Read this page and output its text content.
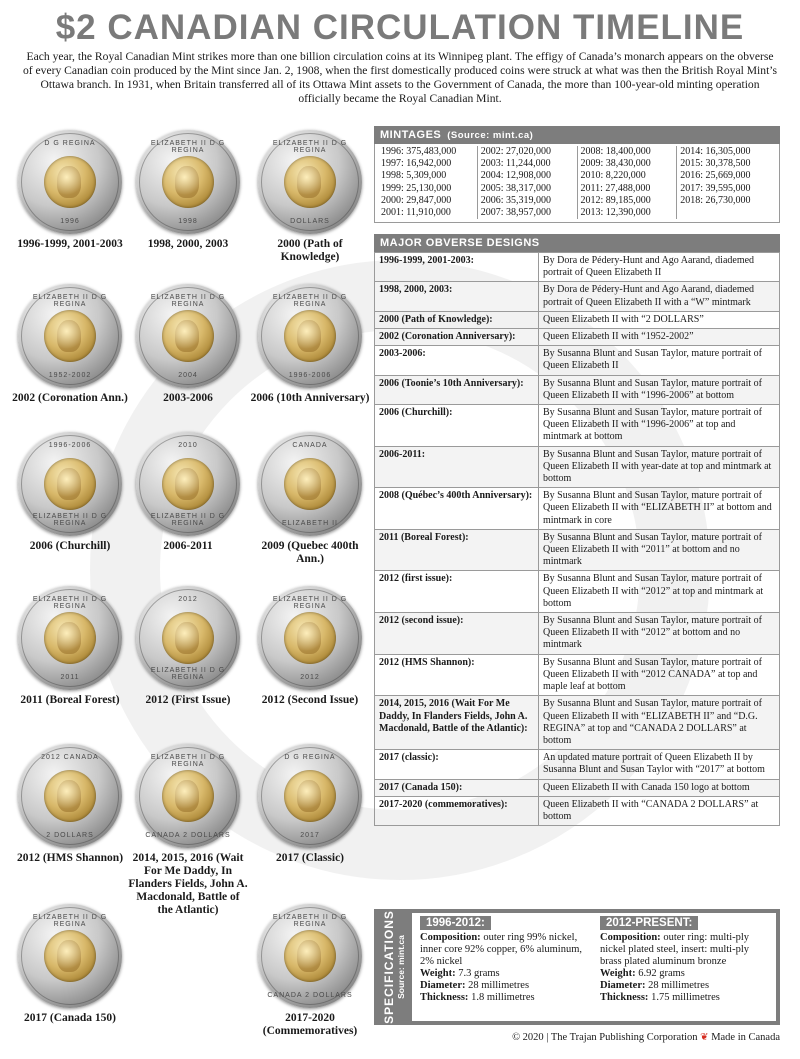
$2 CANADIAN CIRCULATION TIMELINE
Each year, the Royal Canadian Mint strikes more than one billion circulation coins at its Winnipeg plant. The effigy of Canada’s monarch appears on the obverse of every Canadian coin produced by the Mint since Jan. 2, 1908, when the first domestically produced coins were struck at what was then the British Royal Mint’s Ottawa branch. In 1931, when Britain transferred all of its Ottawa Mint assets to the Government of Canada, the more than 100-year-old minting operation officially became the Royal Canadian Mint.
D G REGINA
1996
1996-1999, 2001-2003
ELIZABETH II D G REGINA
1998
1998, 2000, 2003
ELIZABETH II D G REGINA
DOLLARS
2000 (Path of Knowledge)
ELIZABETH II D G REGINA
1952-2002
2002 (Coronation Ann.)
ELIZABETH II D G REGINA
2004
2003-2006
ELIZABETH II D G REGINA
1996-2006
2006 (10th Anniversary)
1996-2006
ELIZABETH II D G REGINA
2006 (Churchill)
2010
ELIZABETH II D G REGINA
2006-2011
CANADA
ELIZABETH II
2009 (Quebec 400th Ann.)
ELIZABETH II D G REGINA
2011
2011 (Boreal Forest)
2012
ELIZABETH II D G REGINA
2012 (First Issue)
ELIZABETH II D G REGINA
2012
2012 (Second Issue)
2012 CANADA
2 DOLLARS
2012 (HMS Shannon)
ELIZABETH II D G REGINA
CANADA 2 DOLLARS
2014, 2015, 2016 (Wait For Me Daddy, In Flanders Fields, John A. Macdonald, Battle of the Atlantic)
D G REGINA
2017
2017 (Classic)
ELIZABETH II D G REGINA
2017 (Canada 150)
ELIZABETH II D G REGINA
CANADA 2 DOLLARS
2017-2020 (Commemoratives)
MINTAGES (Source: mint.ca)
1996: 375,483,000
1997: 16,942,000
1998: 5,309,000
1999: 25,130,000
2000: 29,847,000
2001: 11,910,000
2002: 27,020,000
2003: 11,244,000
2004: 12,908,000
2005: 38,317,000
2006: 35,319,000
2007: 38,957,000
2008: 18,400,000
2009: 38,430,000
2010: 8,220,000
2011: 27,488,000
2012: 89,185,000
2013: 12,390,000
2014: 16,305,000
2015: 30,378,500
2016: 25,669,000
2017: 39,595,000
2018: 26,730,000
MAJOR OBVERSE DESIGNS
1996-1999, 2001-2003:	By Dora de Pédery-Hunt and Ago Aarand, diademed portrait of Queen Elizabeth II
1998, 2000, 2003:	By Dora de Pédery-Hunt and Ago Aarand, diademed portrait of Queen Elizabeth II with a “W” mintmark
2000 (Path of Knowledge):	Queen Elizabeth II with “2 DOLLARS”
2002 (Coronation Anniversary):	Queen Elizabeth II with “1952-2002”
2003-2006:	By Susanna Blunt and Susan Taylor, mature portrait of Queen Elizabeth II
2006 (Toonie’s 10th Anniversary):	By Susanna Blunt and Susan Taylor, mature portrait of Queen Elizabeth II with “1996-2006” at bottom
2006 (Churchill):	By Susanna Blunt and Susan Taylor, mature portrait of Queen Elizabeth II with “1996-2006” at top and mintmark at bottom
2006-2011:	By Susanna Blunt and Susan Taylor, mature portrait of Queen Elizabeth II with year-date at top and mintmark at bottom
2008 (Québec’s 400th Anniversary):	By Susanna Blunt and Susan Taylor, mature portrait of Queen Elizabeth II with “ELIZABETH II” at bottom and mintmark in core
2011 (Boreal Forest):	By Susanna Blunt and Susan Taylor, mature portrait of Queen Elizabeth II with “2011” at bottom and no mintmark
2012 (first issue):	By Susanna Blunt and Susan Taylor, mature portrait of Queen Elizabeth II with “2012” at top and mintmark at bottom
2012 (second issue):	By Susanna Blunt and Susan Taylor, mature portrait of Queen Elizabeth II with “2012” at bottom and no mintmark
2012 (HMS Shannon):	By Susanna Blunt and Susan Taylor, mature portrait of Queen Elizabeth II with “2012 CANADA” at top and maple leaf at bottom
2014, 2015, 2016 (Wait For Me Daddy, In Flanders Fields, John A. Macdonald, Battle of the Atlantic):	By Susanna Blunt and Susan Taylor, mature portrait of Queen Elizabeth II with “ELIZABETH II” and “D.G. REGINA” at top and “CANADA 2 DOLLARS” at bottom
2017 (classic):	An updated mature portrait of Queen Elizabeth II by Susanna Blunt and Susan Taylor with “2017” at bottom
2017 (Canada 150):	Queen Elizabeth II with Canada 150 logo at bottom
2017-2020 (commemoratives):	Queen Elizabeth II with “CANADA 2 DOLLARS” at bottom
SPECIFICATIONS Source: mint.ca
1996-2012:
Composition: outer ring 99% nickel, inner core 92% copper, 6% aluminum, 2% nickel
Weight: 7.3 grams
Diameter: 28 millimetres
Thickness: 1.8 millimetres
2012-PRESENT:
Composition: outer ring: multi-ply nickel plated steel, insert: multi-ply brass plated aluminum bronze
Weight: 6.92 grams
Diameter: 28 millimetres
Thickness: 1.75 millimetres
© 2020 | The Trajan Publishing Corporation ❦ Made in Canada
